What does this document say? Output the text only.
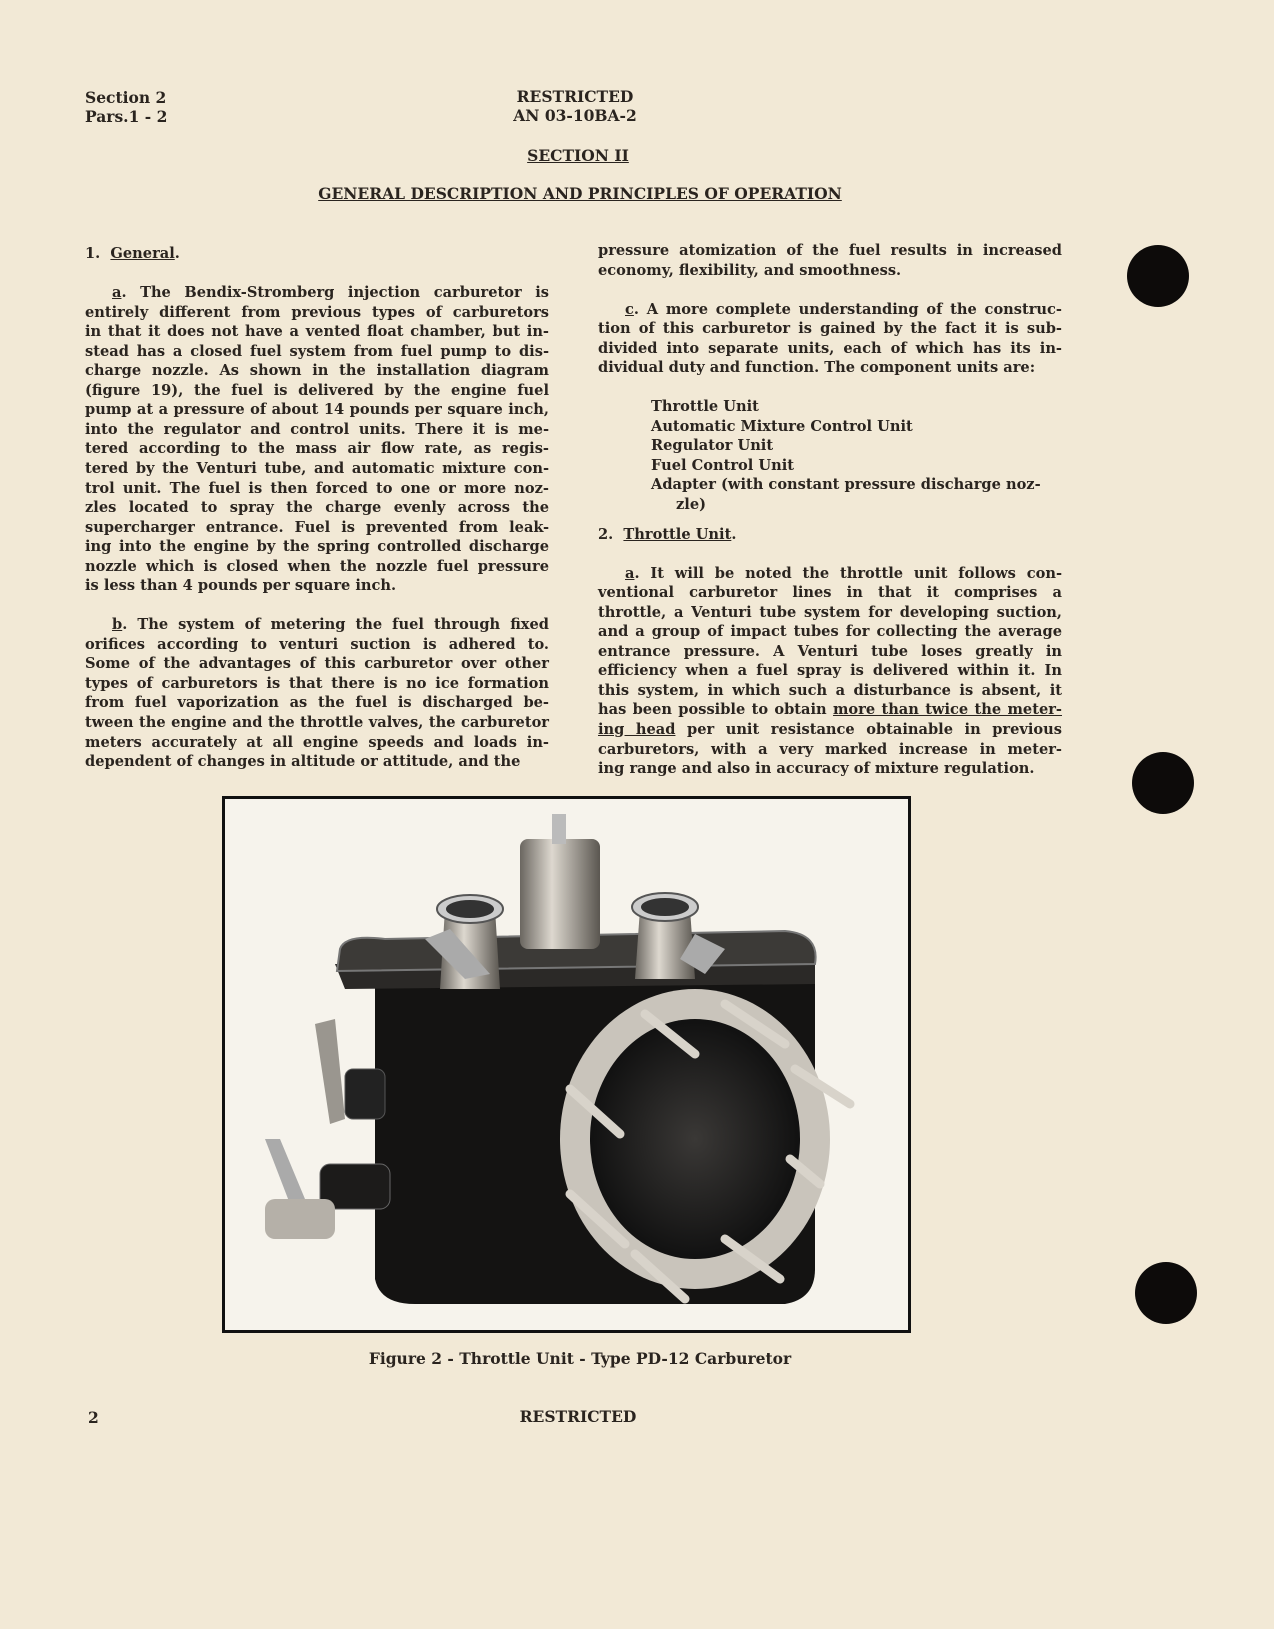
Section 2
Pars.1 - 2
RESTRICTED
AN 03-10BA-2
SECTION II
GENERAL DESCRIPTION AND PRINCIPLES OF OPERATION
1. General.
a. The Bendix-Stromberg injection carburetor is
entirely different from previous types of carburetors
in that it does not have a vented float chamber, but in-
stead has a closed fuel system from fuel pump to dis-
charge nozzle. As shown in the installation diagram
(figure 19), the fuel is delivered by the engine fuel
pump at a pressure of about 14 pounds per square inch,
into the regulator and control units. There it is me-
tered according to the mass air flow rate, as regis-
tered by the Venturi tube, and automatic mixture con-
trol unit. The fuel is then forced to one or more noz-
zles located to spray the charge evenly across the
supercharger entrance. Fuel is prevented from leak-
ing into the engine by the spring controlled discharge
nozzle which is closed when the nozzle fuel pressure
is less than 4 pounds per square inch.
b. The system of metering the fuel through fixed
orifices according to venturi suction is adhered to.
Some of the advantages of this carburetor over other
types of carburetors is that there is no ice formation
from fuel vaporization as the fuel is discharged be-
tween the engine and the throttle valves, the carburetor
meters accurately at all engine speeds and loads in-
dependent of changes in altitude or attitude, and the
pressure atomization of the fuel results in increased
economy, flexibility, and smoothness.
c. A more complete understanding of the construc-
tion of this carburetor is gained by the fact it is sub-
divided into separate units, each of which has its in-
dividual duty and function. The component units are:
Throttle Unit
Automatic Mixture Control Unit
Regulator Unit
Fuel Control Unit
Adapter (with constant pressure discharge noz-
zle)
2. Throttle Unit.
a. It will be noted the throttle unit follows con-
ventional carburetor lines in that it comprises a
throttle, a Venturi tube system for developing suction,
and a group of impact tubes for collecting the average
entrance pressure. A Venturi tube loses greatly in
efficiency when a fuel spray is delivered within it. In
this system, in which such a disturbance is absent, it
has been possible to obtain more than twice the meter-
ing head per unit resistance obtainable in previous
carburetors, with a very marked increase in meter-
ing range and also in accuracy of mixture regulation.
Figure 2 - Throttle Unit - Type PD-12 Carburetor
2	RESTRICTED
